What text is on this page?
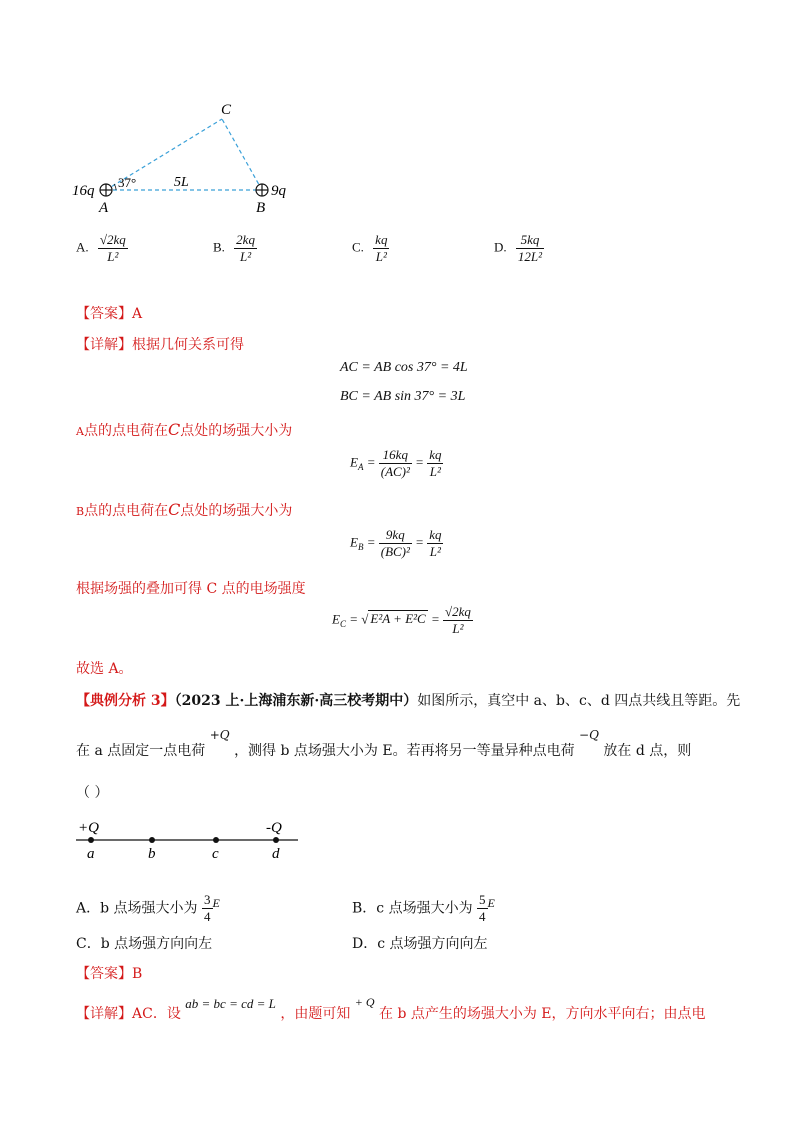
C
16q
A
37°	5L
B
9q
A. $\frac{√2kq}{\text{L²}}$	B. $\frac{2kq}{\text{L²}}$	C. $\frac{kq}{\text{L²}}$	D. $\frac{5kq}{\text{12L²}}$
【答案】A
【详解】根据几何关系可得
AC = AB cos 37° = 4L
BC = AB sin 37° = 3L
A点的点电荷在C点处的场强大小为
$E_A = \frac{16kq}{\text{(AC)²}} = \frac{kq}{\text{L²}}$
B点的点电荷在C点处的场强大小为
$E_B = \frac{9kq}{\text{(BC)²}} = \frac{kq}{\text{L²}}$
根据场强的叠加可得 C 点的电场强度
$E_C$ = √ $E^2A + E^2C = \frac{√2kq}{\text{L²}}$
故选 A。
【典例分析 3】（2023 上·上海浦东新·高三校考期中）如图所示，真空中 a、b、c、d 四点共线且等距。先
在 a 点固定一点电荷 +Q ，测得 b 点场强大小为 E。若再将另一等量异种点电荷 −Q 放在 d 点，则
（ ）
+Q	-Q
a	b	c	d
A．b 点场强大小为 $\frac{3}{4}$ E	B．c 点场强大小为 $\frac{5}{4}$ E
C．b 点场强方向向左	D．c 点场强方向向左
【答案】B
【详解】AC．设 ab = bc = cd = L ，由题可知 + Q 在 b 点产生的场强大小为 E，方向水平向右；由点电
